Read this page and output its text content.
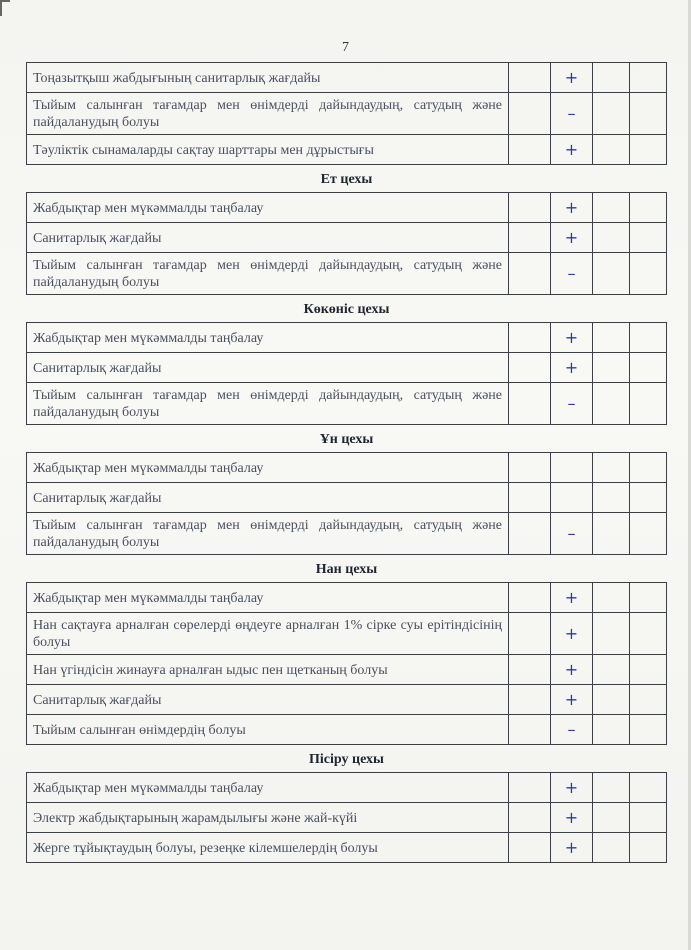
7
Тоңазытқыш жабдығының санитарлық жағдайы		+		
Тыйым салынған тағамдар мен өнімдерді дайындаудың, сатудың және пайдаланудың болуы		–		
Тәуліктік сынамаларды сақтау шарттары мен дұрыстығы		+		
Ет цехы				
Жабдықтар мен мүкәммалды таңбалау		+		
Санитарлық жағдайы		+		
Тыйым салынған тағамдар мен өнімдерді дайындаудың, сатудың және пайдаланудың болуы		–		
Көкөніс цехы				
Жабдықтар мен мүкәммалды таңбалау		+		
Санитарлық жағдайы		+		
Тыйым салынған тағамдар мен өнімдерді дайындаудың, сатудың және пайдаланудың болуы		–		
Ұн цехы				
Жабдықтар мен мүкәммалды таңбалау				
Санитарлық жағдайы				
Тыйым салынған тағамдар мен өнімдерді дайындаудың, сатудың және пайдаланудың болуы		–		
Нан цехы				
Жабдықтар мен мүкәммалды таңбалау		+		
Нан сақтауға арналған сөрелерді өңдеуге арналған 1% сірке суы ерітіндісінің болуы		+		
Нан үгіндісін жинауға арналған ыдыс пен щетканың болуы		+		
Санитарлық жағдайы		+		
Тыйым салынған өнімдердің болуы		–		
Пісіру цехы				
Жабдықтар мен мүкәммалды таңбалау		+		
Электр жабдықтарының жарамдылығы және жай-күйі		+		
Жерге тұйықтаудың болуы, резеңке кілемшелердің болуы		+		
